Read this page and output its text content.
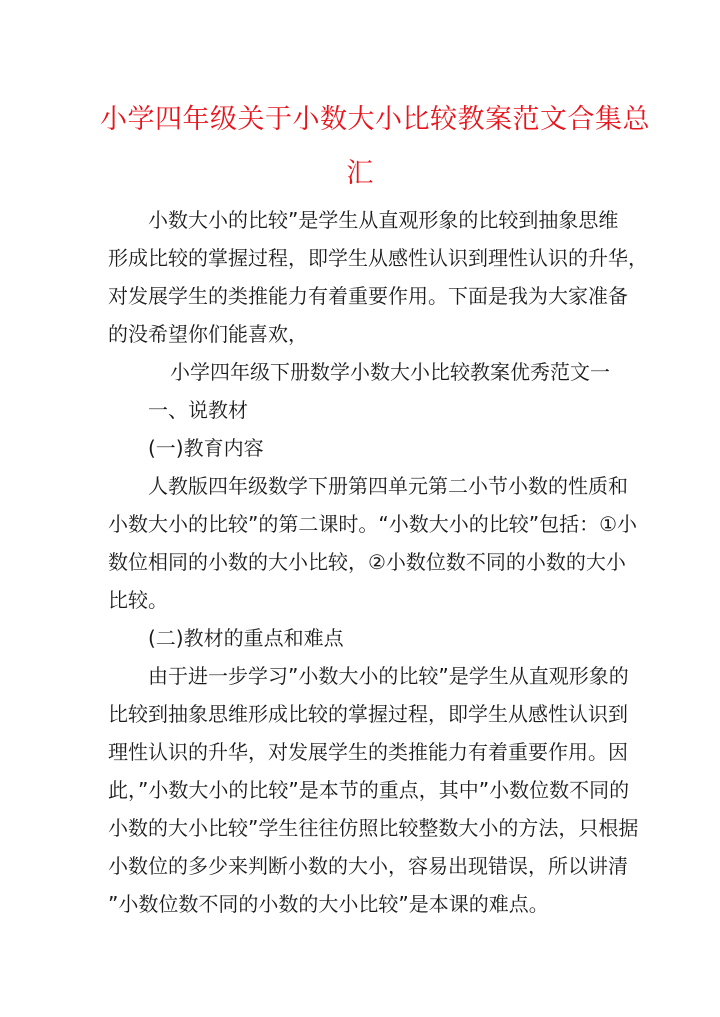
小学四年级关于小数大小比较教案范文合集总
汇
小数大小的比较”是学生从直观形象的比较到抽象思维
形成比较的掌握过程，即学生从感性认识到理性认识的升华，
对发展学生的类推能力有着重要作用。下面是我为大家准备
的没希望你们能喜欢，
小学四年级下册数学小数大小比较教案优秀范文一
一、说教材
(一)教育内容
人教版四年级数学下册第四单元第二小节小数的性质和
小数大小的比较”的第二课时。“小数大小的比较”包括：①小
数位相同的小数的大小比较，②小数位数不同的小数的大小
比较。
(二)教材的重点和难点
由于进一步学习”小数大小的比较”是学生从直观形象的
比较到抽象思维形成比较的掌握过程，即学生从感性认识到
理性认识的升华，对发展学生的类推能力有着重要作用。因
此，”小数大小的比较”是本节的重点，其中”小数位数不同的
小数的大小比较”学生往往仿照比较整数大小的方法，只根据
小数位的多少来判断小数的大小，容易出现错误，所以讲清
”小数位数不同的小数的大小比较”是本课的难点。
